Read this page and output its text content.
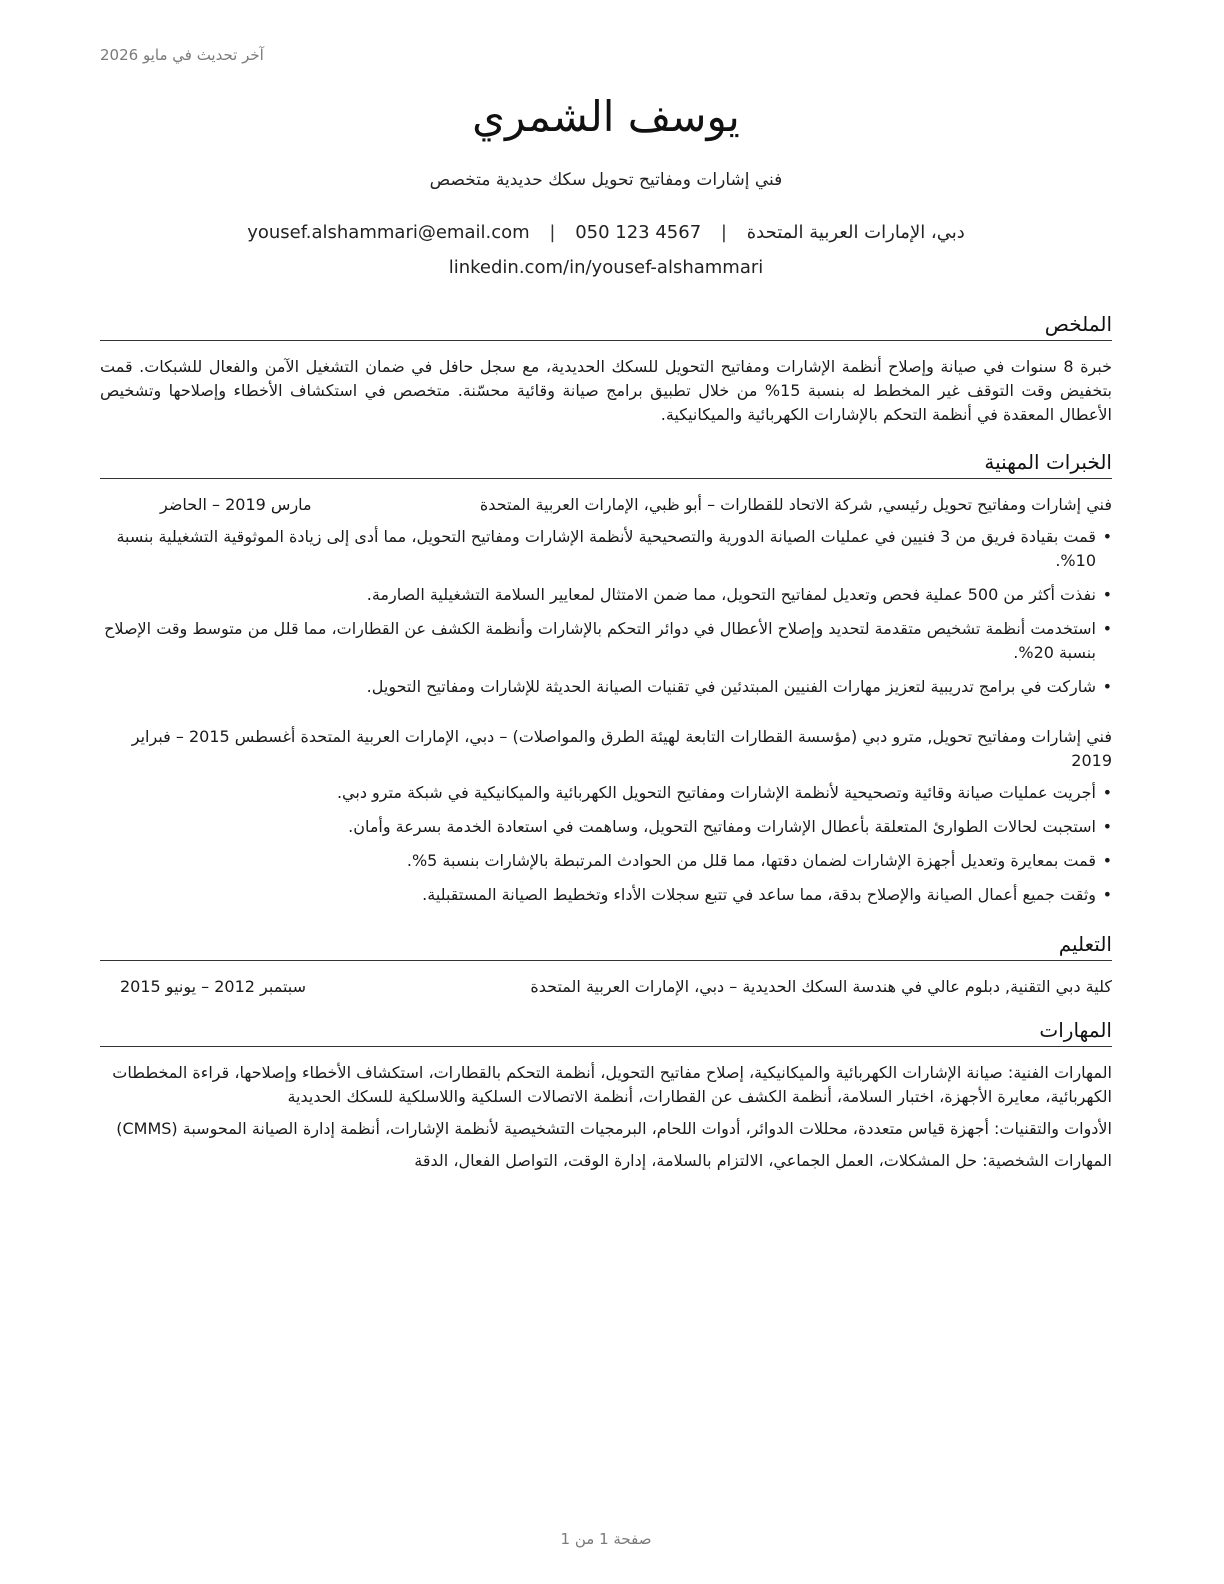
آخر تحديث في مايو 2026
يوسف الشمري
فني إشارات ومفاتيح تحويل سكك حديدية متخصص
دبي، الإمارات العربية المتحدة | yousef.alshammari@email.com | 050 123 4567
linkedin.com/in/yousef-alshammari
الملخص

خبرة 8 سنوات في صيانة وإصلاح أنظمة الإشارات ومفاتيح التحويل للسكك الحديدية، مع سجل حافل في ضمان التشغيل الآمن والفعال للشبكات. قمت بتخفيض وقت التوقف غير المخطط له بنسبة 15% من خلال تطبيق برامج صيانة وقائية محسّنة. متخصص في استكشاف الأخطاء وإصلاحها وتشخيص الأعطال المعقدة في أنظمة التحكم بالإشارات الكهربائية والميكانيكية.

الخبرات المهنية
فني إشارات ومفاتيح تحويل رئيسي, شركة الاتحاد للقطارات – أبو ظبي، الإمارات العربية المتحدة
مارس 2019 – الحاضر
• قمت بقيادة فريق من 3 فنيين في عمليات الصيانة الدورية والتصحيحية لأنظمة الإشارات ومفاتيح التحويل، مما أدى إلى زيادة الموثوقية التشغيلية بنسبة 10%.
• نفذت أكثر من 500 عملية فحص وتعديل لمفاتيح التحويل، مما ضمن الامتثال لمعايير السلامة التشغيلية الصارمة.
• استخدمت أنظمة تشخيص متقدمة لتحديد وإصلاح الأعطال في دوائر التحكم بالإشارات وأنظمة الكشف عن القطارات، مما قلل من متوسط وقت الإصلاح بنسبة 20%.
• شاركت في برامج تدريبية لتعزيز مهارات الفنيين المبتدئين في تقنيات الصيانة الحديثة للإشارات ومفاتيح التحويل.
فني إشارات ومفاتيح تحويل, مترو دبي (مؤسسة القطارات التابعة لهيئة الطرق والمواصلات) – دبي، الإمارات العربية المتحدة أغسطس 2015 – فبراير 2019
• أجريت عمليات صيانة وقائية وتصحيحية لأنظمة الإشارات ومفاتيح التحويل الكهربائية والميكانيكية في شبكة مترو دبي.
• استجبت لحالات الطوارئ المتعلقة بأعطال الإشارات ومفاتيح التحويل، وساهمت في استعادة الخدمة بسرعة وأمان.
• قمت بمعايرة وتعديل أجهزة الإشارات لضمان دقتها، مما قلل من الحوادث المرتبطة بالإشارات بنسبة 5%.
• وثقت جميع أعمال الصيانة والإصلاح بدقة، مما ساعد في تتبع سجلات الأداء وتخطيط الصيانة المستقبلية.
التعليم
كلية دبي التقنية, دبلوم عالي في هندسة السكك الحديدية – دبي، الإمارات العربية المتحدة
سبتمبر 2012 – يونيو 2015
المهارات

المهارات الفنية: صيانة الإشارات الكهربائية والميكانيكية، إصلاح مفاتيح التحويل، أنظمة التحكم بالقطارات، استكشاف الأخطاء وإصلاحها، قراءة المخططات الكهربائية، معايرة الأجهزة، اختبار السلامة، أنظمة الكشف عن القطارات، أنظمة الاتصالات السلكية واللاسلكية للسكك الحديدية

الأدوات والتقنيات: أجهزة قياس متعددة، محللات الدوائر، أدوات اللحام، البرمجيات التشخيصية لأنظمة الإشارات، أنظمة إدارة الصيانة المحوسبة (CMMS)

المهارات الشخصية: حل المشكلات، العمل الجماعي، الالتزام بالسلامة، إدارة الوقت، التواصل الفعال، الدقة

صفحة 1 من 1
